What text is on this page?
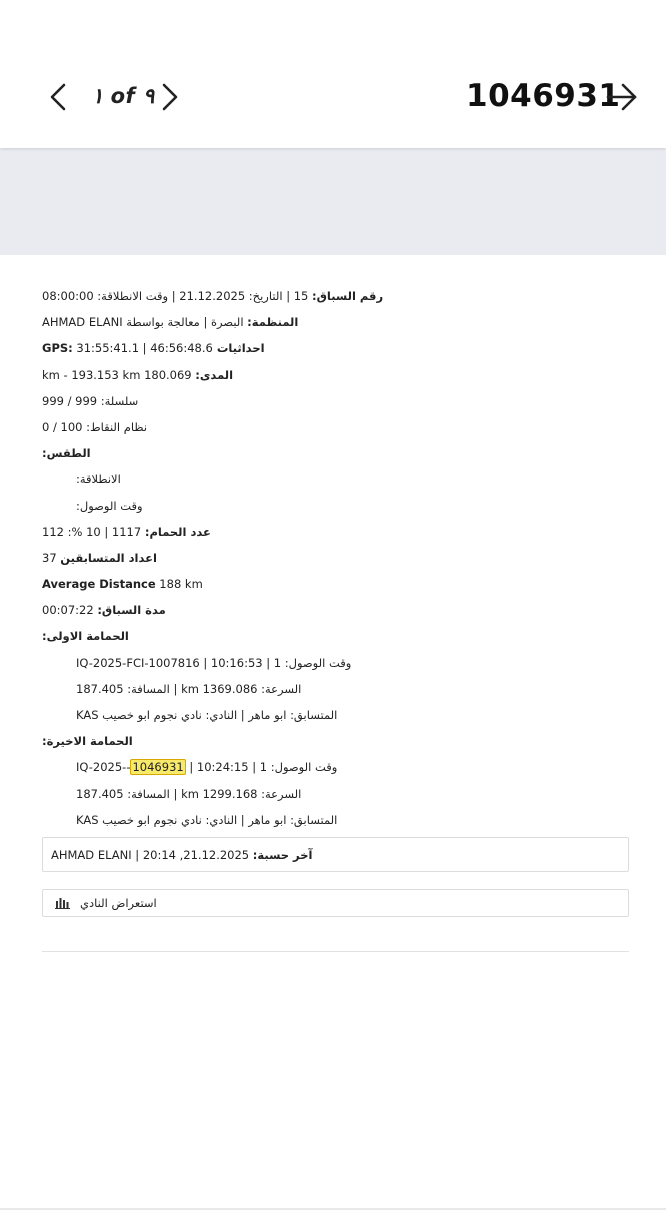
١ of ٩	1046931
رقم السباق: 15 | التاريخ: 21.12.2025 | وقت الانطلاقة: 08:00:00
المنظمة: البصرة | معالجة بواسطة AHMAD ELANI
احداثيات GPS: 31:55:41.1 | 46:56:48.6
المدى: 180.069 km - 193.153 km
سلسلة: 999 / 999
نظام النقاط: 100 / 0
الطقس:
الانطلاقة:
وقت الوصول:
عدد الحمام: 1117 | 10 %: 112
اعداد المتسابقين 37
Average Distance 188 km
مدة السباق: 00:07:22
الحمامة الاولى:
وقت الوصول: 1 | 10:16:53 | IQ-2025-FCI-1007816
السرعة: 1369.086 km | المسافة: 187.405
المتسابق: ابو ماهر | النادي: نادي نجوم ابو خصيب KAS
الحمامة الاخيرة:
وقت الوصول: 1 | 10:24:15 | IQ-2025--1046931
السرعة: 1299.168 km | المسافة: 187.405
المتسابق: ابو ماهر | النادي: نادي نجوم ابو خصيب KAS
آخر حسبة: 21.12.2025, 20:14 | AHMAD ELANI
استعراض النادي
